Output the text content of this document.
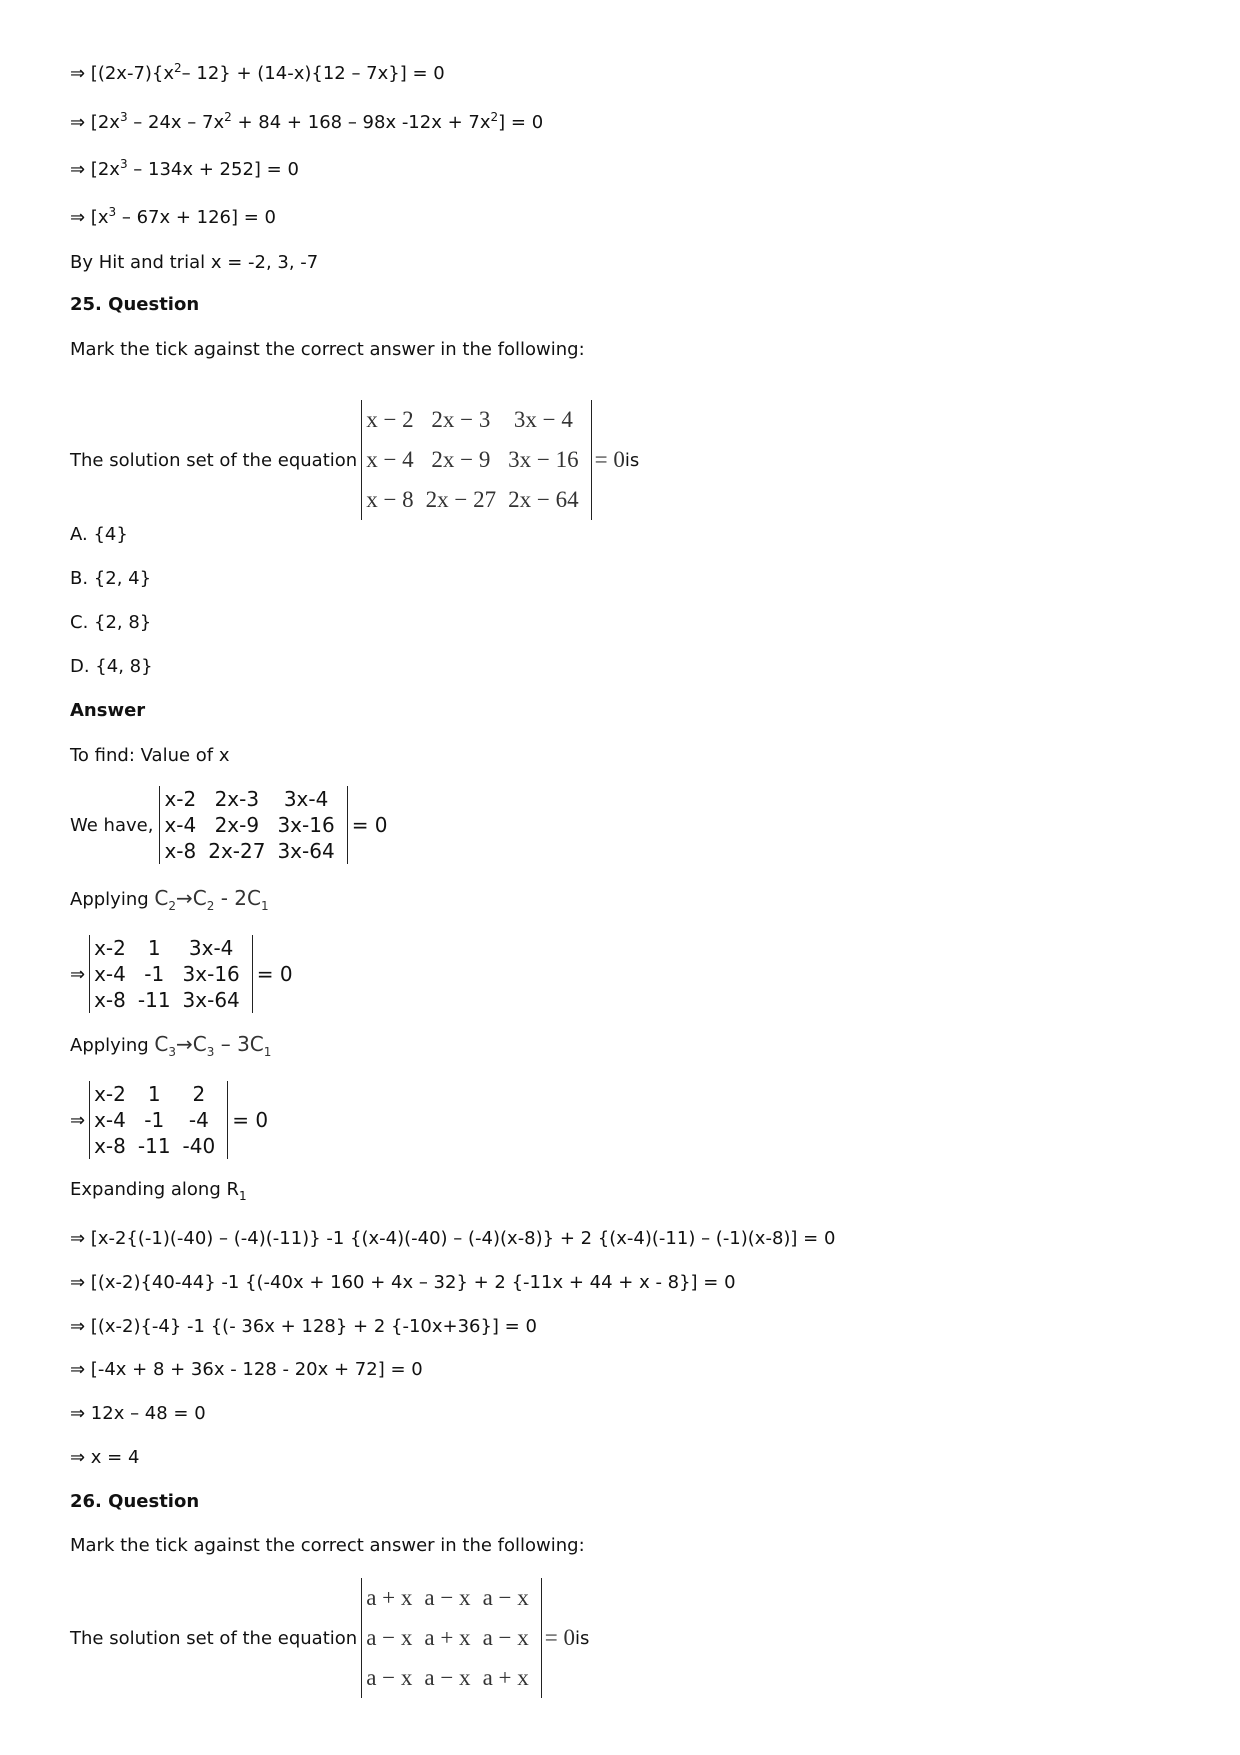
⇒ [$(2x-7)\{x^2-$ 12} + (14-x){12 – 7x}] = 0
⇒ [$2x^3 - 24x - 7x^2 + 84 + 168 - 98x$ $-12x + 7x^2] = 0$
⇒ $[2x^3 - 134x + 252] = 0$
⇒ $[x^3 - 67x + 126] = 0$
By Hit and trial x = -2, 3, -7
25. Question
Mark the tick against the correct answer in the following:
The solution set of the equation
x − 2	2x − 3	3x − 4
x − 4	2x − 9	3x − 16
x − 8	2x − 27	2x − 64
= 0 is
A. {4}
B. {2, 4}
C. {2, 8}
D. {4, 8}
Answer
To find: Value of x
We have,
x-2	2x-3	3x-4
x-4	2x-9	3x-16
x-8	2x-27	3x-64
= 0
Applying $C_2\to C_2 - 2C_1$
⇒
x-2	1	3x-4
x-4	-1	3x-16
x-8	-11	3x-64
= 0
Applying $C_3\to C_3 - 3C_1$
⇒
x-2	1	2
x-4	-1	-4
x-8	-11	-40
= 0
Expanding along $R_1$
⇒ [x-2{(-1)(-40) – (-4)(-11)} -1 {(x-4)(-40) – (-4)(x-8)} + 2 {(x-4)(-11) – (-1)(x-8)] = 0
⇒ [(x-2){40-44} -1 {(-40x + 160 + 4x – 32} + 2 {-11x + 44 + x - 8}] = 0
⇒ [(x-2){-4} -1 {(- 36x + 128} + 2 {-10x+36}] = 0
⇒ [-4x + 8 + 36x - 128 - 20x + 72] = 0
⇒ 12x – 48 = 0
⇒ x = 4
26. Question
Mark the tick against the correct answer in the following:
The solution set of the equation
a + x	a − x	a − x
a − x	a + x	a − x
a − x	a − x	a + x
= 0 is
